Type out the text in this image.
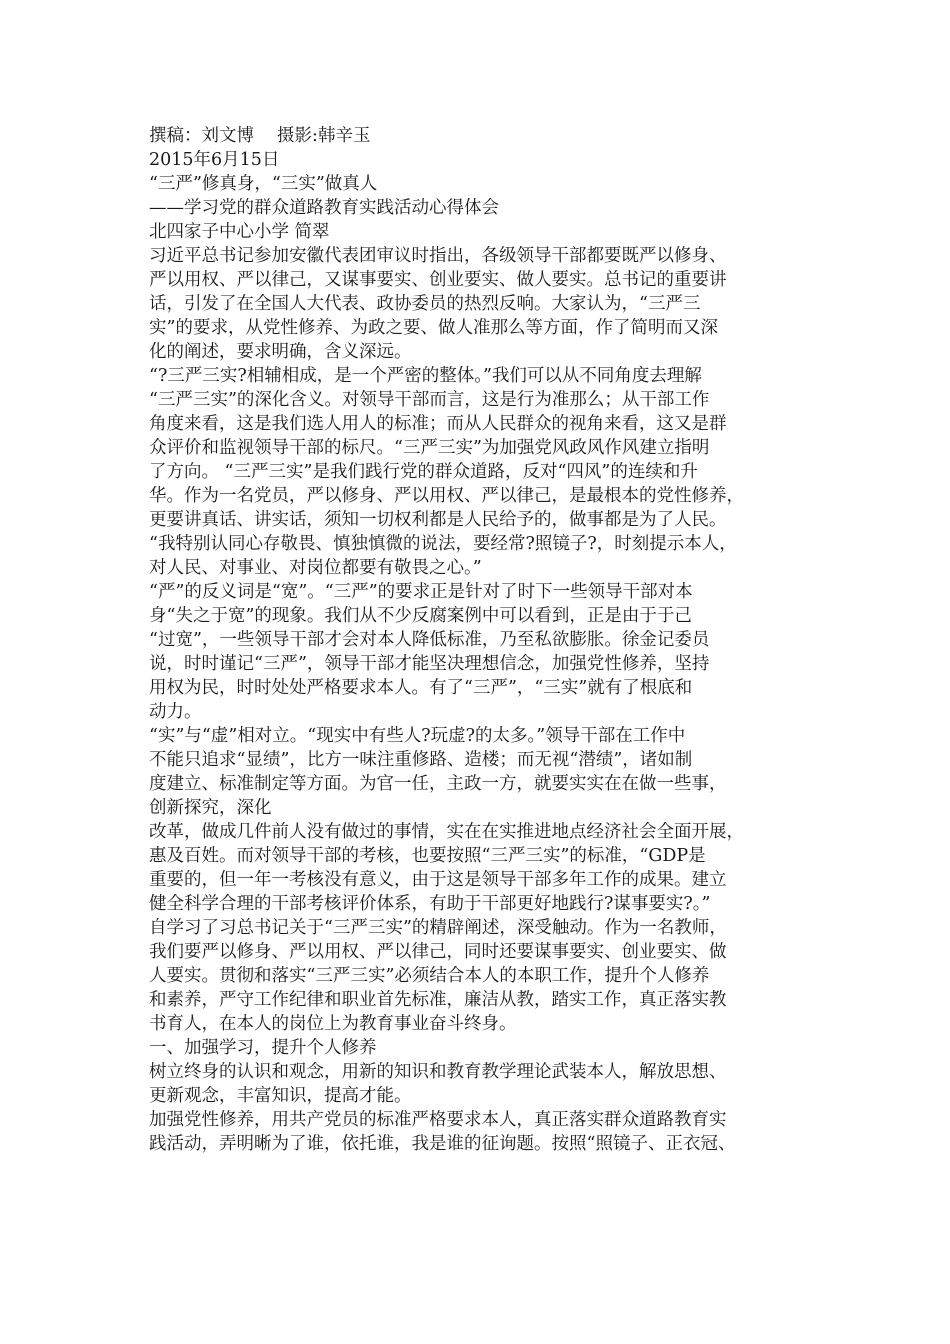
撰稿：刘文博　 摄影:韩辛玉
2015年6月15日
“三严”修真身，“三实”做真人
——学习党的群众道路教育实践活动心得体会
北四家子中心小学 简翠
习近平总书记参加安徽代表团审议时指出，各级领导干部都要既严以修身、
严以用权、严以律己，又谋事要实、创业要实、做人要实。总书记的重要讲
话，引发了在全国人大代表、政协委员的热烈反响。大家认为，“三严三
实”的要求，从党性修养、为政之要、做人准那么等方面，作了简明而又深
化的阐述，要求明确，含义深远。
“?三严三实?相辅相成，是一个严密的整体。”我们可以从不同角度去理解
“三严三实”的深化含义。对领导干部而言，这是行为准那么；从干部工作
角度来看，这是我们选人用人的标准；而从人民群众的视角来看，这又是群
众评价和监视领导干部的标尺。“三严三实”为加强党风政风作风建立指明
了方向。 “三严三实”是我们践行党的群众道路，反对“四风”的连续和升
华。作为一名党员，严以修身、严以用权、严以律己，是最根本的党性修养，
更要讲真话、讲实话，须知一切权利都是人民给予的，做事都是为了人民。
“我特别认同心存敬畏、慎独慎微的说法，要经常?照镜子?，时刻提示本人，
对人民、对事业、对岗位都要有敬畏之心。”
“严”的反义词是“宽”。“三严”的要求正是针对了时下一些领导干部对本
身“失之于宽”的现象。我们从不少反腐案例中可以看到，正是由于于己
“过宽”，一些领导干部才会对本人降低标准，乃至私欲膨胀。徐金记委员
说，时时谨记“三严”，领导干部才能坚决理想信念，加强党性修养，坚持
用权为民，时时处处严格要求本人。有了“三严”，“三实”就有了根底和
动力。
“实”与“虚”相对立。“现实中有些人?玩虚?的太多。”领导干部在工作中
不能只追求“显绩”，比方一味注重修路、造楼；而无视“潜绩”，诸如制
度建立、标准制定等方面。为官一任，主政一方，就要实实在在做一些事，
创新探究，深化
改革，做成几件前人没有做过的事情，实在在实推进地点经济社会全面开展，
惠及百姓。而对领导干部的考核，也要按照“三严三实”的标准，“GDP是
重要的，但一年一考核没有意义，由于这是领导干部多年工作的成果。建立
健全科学合理的干部考核评价体系，有助于干部更好地践行?谋事要实?。”
自学习了习总书记关于“三严三实”的精辟阐述，深受触动。作为一名教师，
我们要严以修身、严以用权、严以律己，同时还要谋事要实、创业要实、做
人要实。贯彻和落实“三严三实”必须结合本人的本职工作，提升个人修养
和素养，严守工作纪律和职业首先标准，廉洁从教，踏实工作，真正落实教
书育人，在本人的岗位上为教育事业奋斗终身。
一、加强学习，提升个人修养
树立终身的认识和观念，用新的知识和教育教学理论武装本人，解放思想、
更新观念，丰富知识，提高才能。
加强党性修养，用共产党员的标准严格要求本人，真正落实群众道路教育实
践活动，弄明晰为了谁，依托谁，我是谁的征询题。按照“照镜子、正衣冠、
